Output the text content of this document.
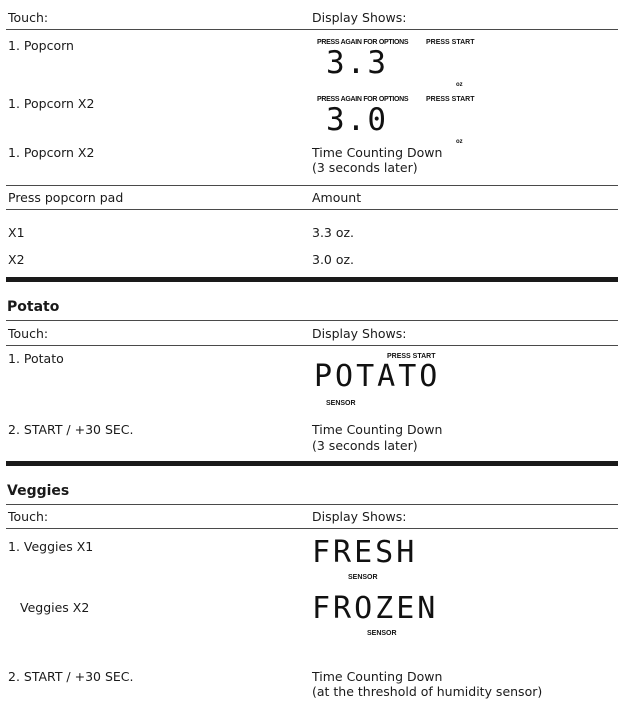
Touch:	Display Shows:
1. Popcorn	PRESS AGAIN FOR OPTIONS	PRESS START
3.3
oz
1. Popcorn X2	PRESS AGAIN FOR OPTIONS	PRESS START
3.0
oz
1. Popcorn X2	Time Counting Down
(3 seconds later)
Press popcorn pad	Amount
X1	3.3 oz.
X2	3.0 oz.
Potato
Touch:	Display Shows:
1. Potato	PRESS START
POTATO
SENSOR
2. START / +30 SEC.	Time Counting Down
(3 seconds later)
Veggies
Touch:	Display Shows:
1. Veggies X1	FRESH
SENSOR
Veggies X2	FROZEN
SENSOR
2. START / +30 SEC.	Time Counting Down
(at the threshold of humidity sensor)
